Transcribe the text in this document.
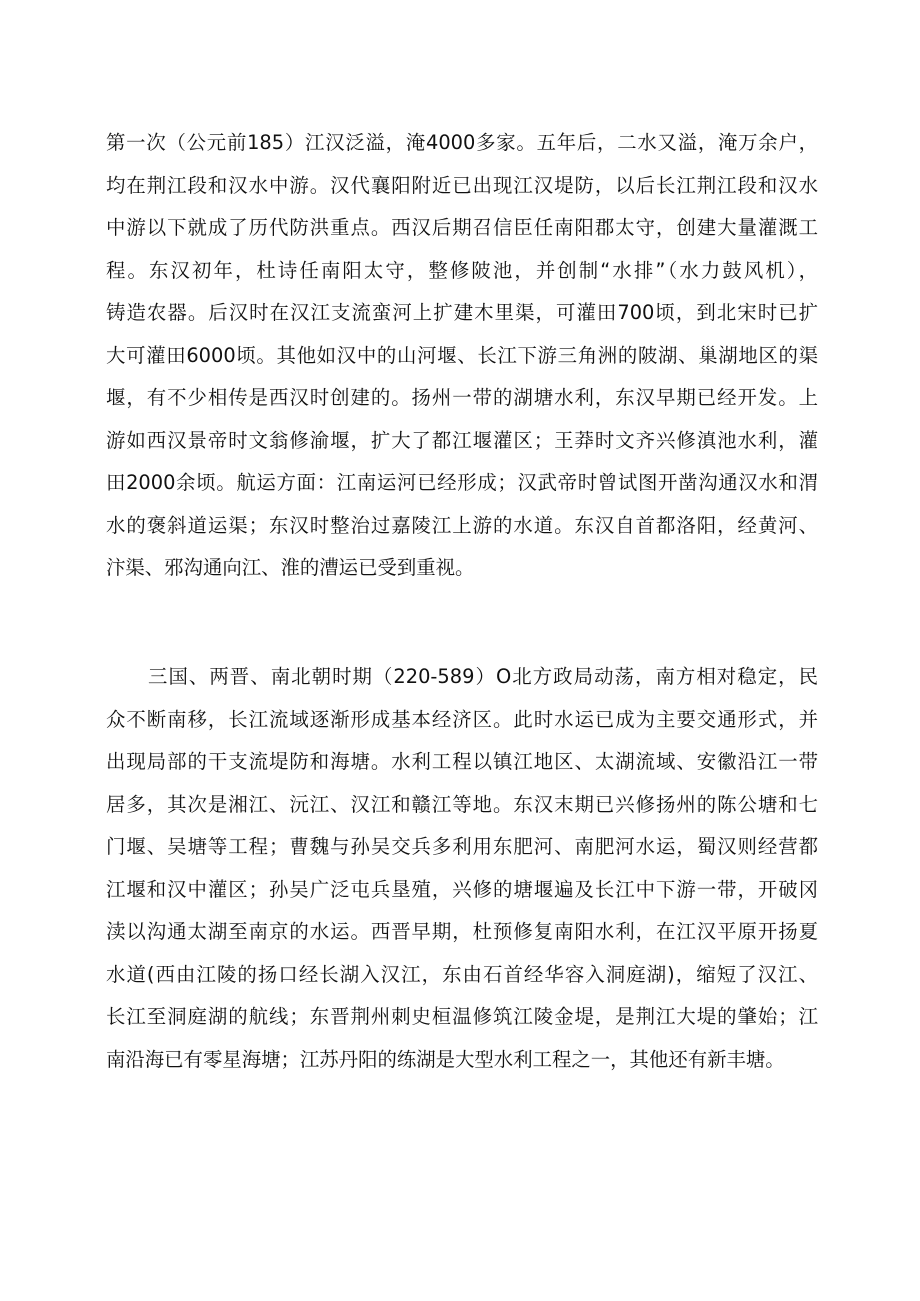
第一次（公元前185）江汉泛溢，淹4000多家。五年后，二水又溢，淹万余户，
均在荆江段和汉水中游。汉代襄阳附近已出现江汉堤防，以后长江荆江段和汉水
中游以下就成了历代防洪重点。西汉后期召信臣任南阳郡太守，创建大量灌溉工
程。东汉初年，杜诗任南阳太守，整修陂池，并创制“水排”（水力鼓风机），
铸造农器。后汉时在汉江支流蛮河上扩建木里渠，可灌田700顷，到北宋时已扩
大可灌田6000顷。其他如汉中的山河堰、长江下游三角洲的陂湖、巢湖地区的渠
堰，有不少相传是西汉时创建的。扬州一带的湖塘水利，东汉早期已经开发。上
游如西汉景帝时文翁修渝堰，扩大了都江堰灌区；王莽时文齐兴修滇池水利，灌
田2000余顷。航运方面：江南运河已经形成；汉武帝时曾试图开凿沟通汉水和渭
水的褒斜道运渠；东汉时整治过嘉陵江上游的水道。东汉自首都洛阳，经黄河、
汴渠、邪沟通向江、淮的漕运已受到重视。
三国、两晋、南北朝时期（220-589）O北方政局动荡，南方相对稳定，民
众不断南移，长江流域逐渐形成基本经济区。此时水运已成为主要交通形式，并
出现局部的干支流堤防和海塘。水利工程以镇江地区、太湖流域、安徽沿江一带
居多，其次是湘江、沅江、汉江和赣江等地。东汉末期已兴修扬州的陈公塘和七
门堰、吴塘等工程；曹魏与孙吴交兵多利用东肥河、南肥河水运，蜀汉则经营都
江堰和汉中灌区；孙吴广泛屯兵垦殖，兴修的塘堰遍及长江中下游一带，开破冈
渎以沟通太湖至南京的水运。西晋早期，杜预修复南阳水利，在江汉平原开扬夏
水道(西由江陵的扬口经长湖入汉江，东由石首经华容入洞庭湖)，缩短了汉江、
长江至洞庭湖的航线；东晋荆州刺史桓温修筑江陵金堤，是荆江大堤的肇始；江
南沿海已有零星海塘；江苏丹阳的练湖是大型水利工程之一，其他还有新丰塘。
